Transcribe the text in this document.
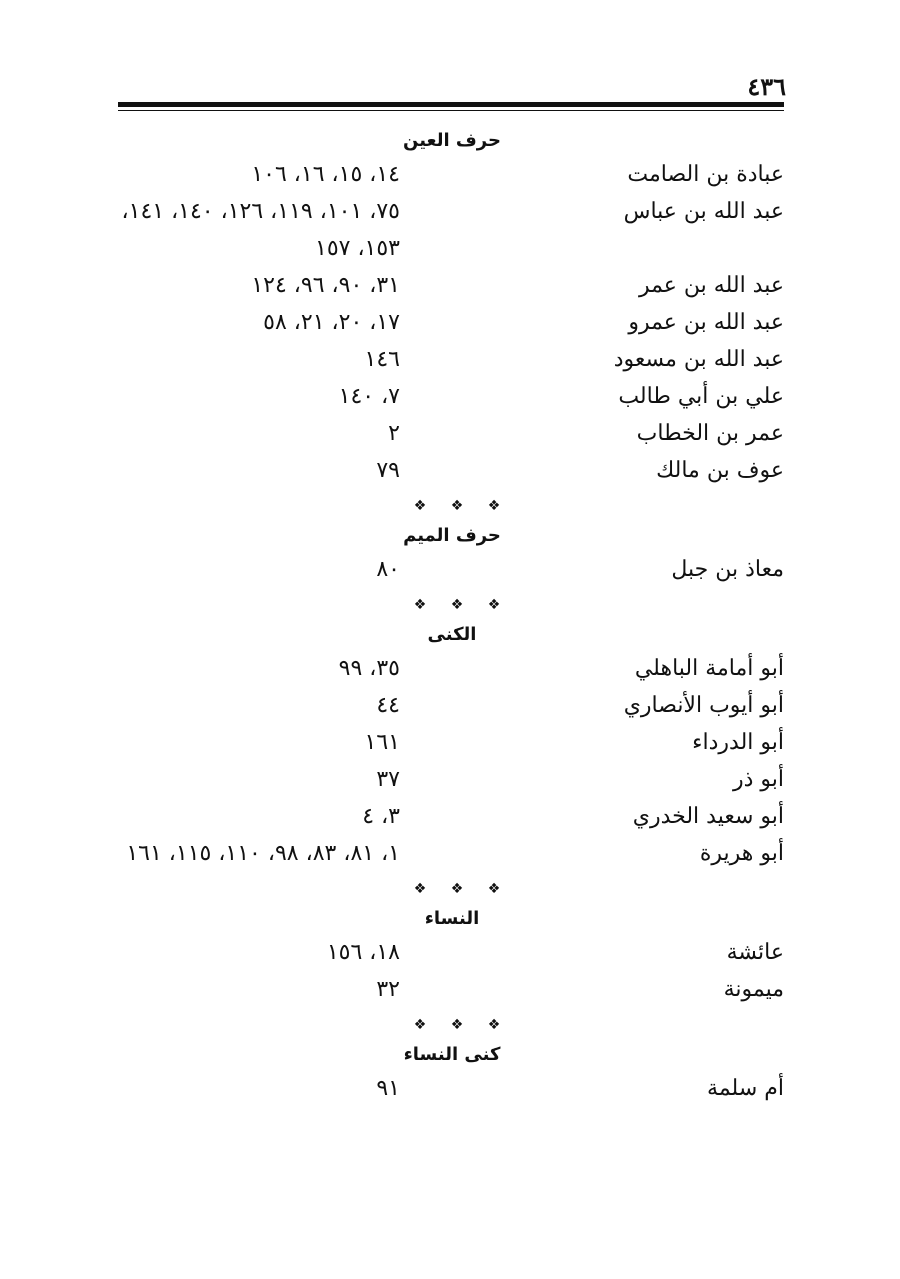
٤٣٦
حرف العين
عبادة بن الصامت
١٤، ١٥، ١٦، ١٠٦
عبد الله بن عباس
٧٥، ١٠١، ١١٩، ١٢٦، ١٤٠، ١٤١، ١٥٣، ١٥٧
عبد الله بن عمر
٣١، ٩٠، ٩٦، ١٢٤
عبد الله بن عمرو
١٧، ٢٠، ٢١، ٥٨
عبد الله بن مسعود
١٤٦
علي بن أبي طالب
٧، ١٤٠
عمر بن الخطاب
٢
عوف بن مالك
٧٩
❖ ❖ ❖
حرف الميم
معاذ بن جبل
٨٠
❖ ❖ ❖
الكنى
أبو أمامة الباهلي
٣٥، ٩٩
أبو أيوب الأنصاري
٤٤
أبو الدرداء
١٦١
أبو ذر
٣٧
أبو سعيد الخدري
٣، ٤
أبو هريرة
١، ٨١، ٨٣، ٩٨، ١١٠، ١١٥، ١٦١
❖ ❖ ❖
النساء
عائشة
١٨، ١٥٦
ميمونة
٣٢
❖ ❖ ❖
كنى النساء
أم سلمة
٩١
